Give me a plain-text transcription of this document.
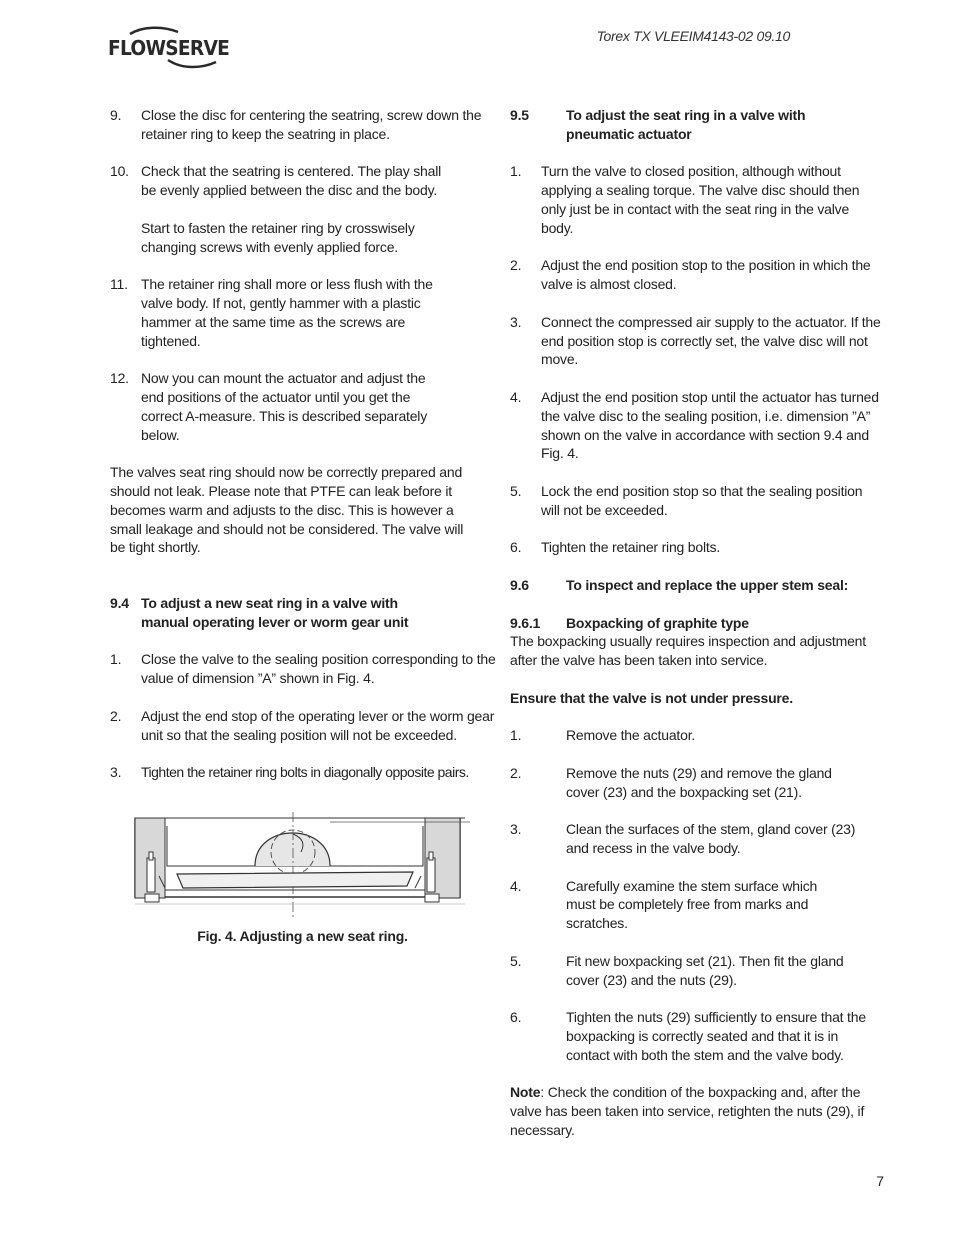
FLOWSERVE	Torex TX VLEEIM4143-02 09.10
9.	Close the disc for centering the seatring, screw down the retainer ring to keep the seatring in place.
10. Check that the seatring is centered. The play shall be evenly applied between the disc and the body.
Start to fasten the retainer ring by crosswisely changing screws with evenly applied force.
11. The retainer ring shall more or less flush with the valve body. If not, gently hammer with a plastic hammer at the same time as the screws are tightened.
12. Now you can mount the actuator and adjust the end positions of the actuator until you get the correct A-measure. This is described separately below.

The valves seat ring should now be correctly prepared and should not leak. Please note that PTFE can leak before it becomes warm and adjusts to the disc. This is however a small leakage and should not be considered. The valve will be tight shortly.

9.4 To adjust a new seat ring in a valve with manual operating lever or worm gear unit
1.	Close the valve to the sealing position corresponding to the value of dimension ”A” shown in Fig. 4.
2.	Adjust the end stop of the operating lever or the worm gear unit so that the sealing position will not be exceeded.
3.	Tighten the retainer ring bolts in diagonally opposite pairs.
Fig. 4. Adjusting a new seat ring.
9.5	To adjust the seat ring in a valve with pneumatic actuator
1.	Turn the valve to closed position, although without applying a sealing torque. The valve disc should then only just be in contact with the seat ring in the valve body.
2.	Adjust the end position stop to the position in which the valve is almost closed.
3.	Connect the compressed air supply to the actuator. If the end position stop is correctly set, the valve disc will not move.
4.	Adjust the end position stop until the actuator has turned the valve disc to the sealing position, i.e. dimension ”A” shown on the valve in accordance with section 9.4 and Fig. 4.
5.	Lock the end position stop so that the sealing position will not be exceeded.
6.	Tighten the retainer ring bolts.
9.6	To inspect and replace the upper stem seal:
9.6.1	Boxpacking of graphite type

The boxpacking usually requires inspection and adjustment after the valve has been taken into service.

Ensure that the valve is not under pressure.

1.	Remove the actuator.
2.	Remove the nuts (29) and remove the gland cover (23) and the boxpacking set (21).
3.	Clean the surfaces of the stem, gland cover (23) and recess in the valve body.
4.	Carefully examine the stem surface which must be completely free from marks and scratches.
5.	Fit new boxpacking set (21). Then fit the gland cover (23) and the nuts (29).
6.	Tighten the nuts (29) sufficiently to ensure that the boxpacking is correctly seated and that it is in contact with both the stem and the valve body.

Note: Check the condition of the boxpacking and, after the valve has been taken into service, retighten the nuts (29), if necessary.

7
